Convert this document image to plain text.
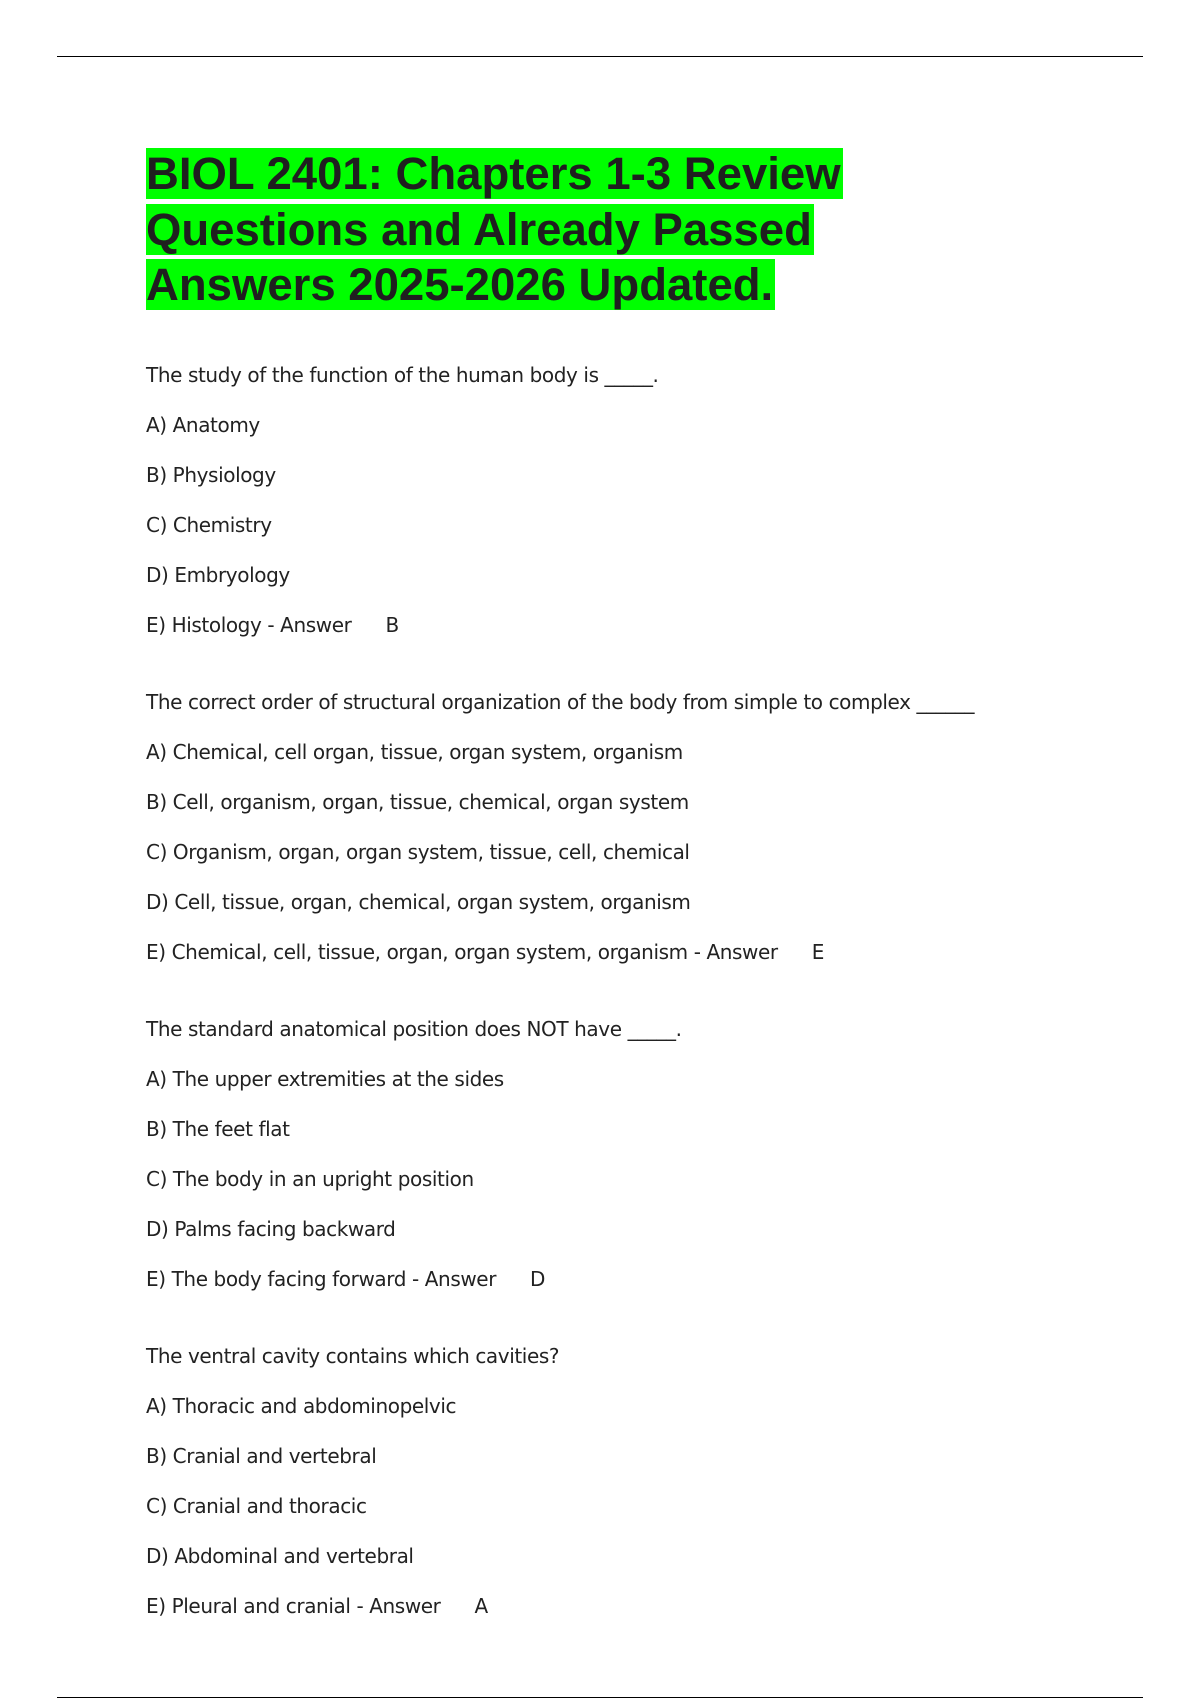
BIOL 2401: Chapters 1-3 Review
Questions and Already Passed
Answers 2025-2026 Updated.
The study of the function of the human body is _____.
A) Anatomy
B) Physiology
C) Chemistry
D) Embryology
E) Histology - Answer B
The correct order of structural organization of the body from simple to complex ______
A) Chemical, cell organ, tissue, organ system, organism
B) Cell, organism, organ, tissue, chemical, organ system
C) Organism, organ, organ system, tissue, cell, chemical
D) Cell, tissue, organ, chemical, organ system, organism
E) Chemical, cell, tissue, organ, organ system, organism - Answer E
The standard anatomical position does NOT have _____.
A) The upper extremities at the sides
B) The feet flat
C) The body in an upright position
D) Palms facing backward
E) The body facing forward - Answer D
The ventral cavity contains which cavities?
A) Thoracic and abdominopelvic
B) Cranial and vertebral
C) Cranial and thoracic
D) Abdominal and vertebral
E) Pleural and cranial - Answer A
